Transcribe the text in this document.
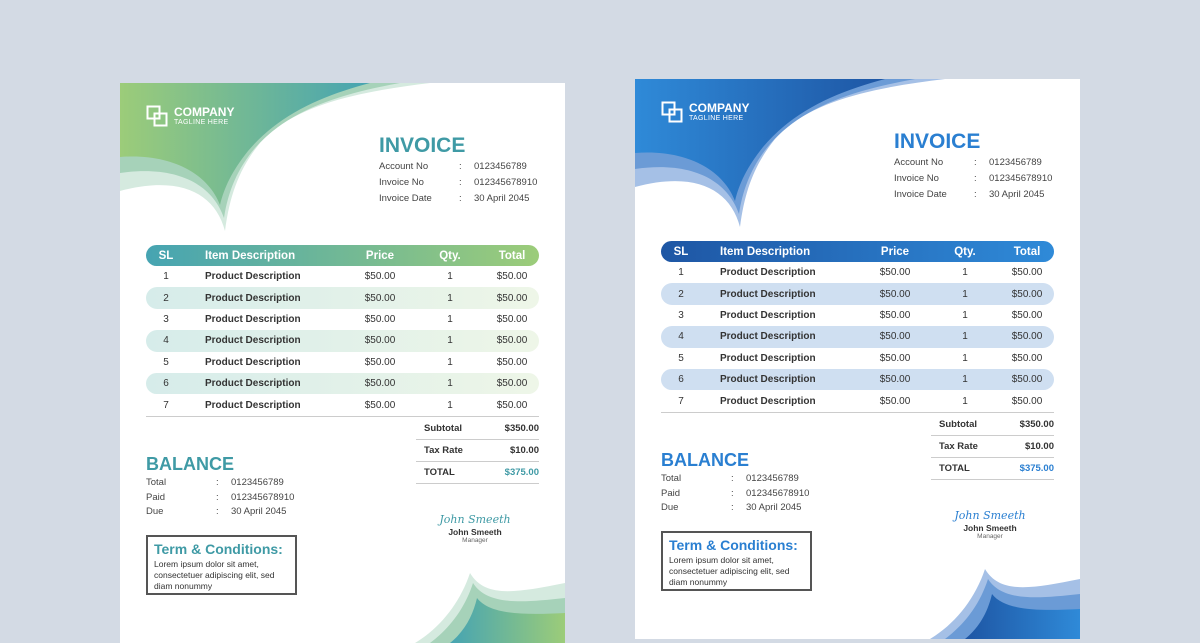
COMPANY
TAGLINE HERE
INVOICE
Account No	:	0123456789
Invoice No	:	012345678910
Invoice Date	:	30 April 2045
SL	Item Description	Price	Qty.	Total
1	Product Description	$50.00	1	$50.00
2	Product Description	$50.00	1	$50.00
3	Product Description	$50.00	1	$50.00
4	Product Description	$50.00	1	$50.00
5	Product Description	$50.00	1	$50.00
6	Product Description	$50.00	1	$50.00
7	Product Description	$50.00	1	$50.00
Subtotal	$350.00
Tax Rate	$10.00
TOTAL	$375.00
BALANCE
Total	:	0123456789
Paid	:	012345678910
Due	:	30 April 2045
John Smeeth
John Smeeth
Manager
Term & Conditions:
Lorem ipsum dolor sit amet, consectetuer adipiscing elit, sed diam nonummy
COMPANY
TAGLINE HERE
INVOICE
Account No	:	0123456789
Invoice No	:	012345678910
Invoice Date	:	30 April 2045
SL	Item Description	Price	Qty.	Total
1	Product Description	$50.00	1	$50.00
2	Product Description	$50.00	1	$50.00
3	Product Description	$50.00	1	$50.00
4	Product Description	$50.00	1	$50.00
5	Product Description	$50.00	1	$50.00
6	Product Description	$50.00	1	$50.00
7	Product Description	$50.00	1	$50.00
Subtotal	$350.00
Tax Rate	$10.00
TOTAL	$375.00
BALANCE
Total	:	0123456789
Paid	:	012345678910
Due	:	30 April 2045
John Smeeth
John Smeeth
Manager
Term & Conditions:
Lorem ipsum dolor sit amet, consectetuer adipiscing elit, sed diam nonummy
